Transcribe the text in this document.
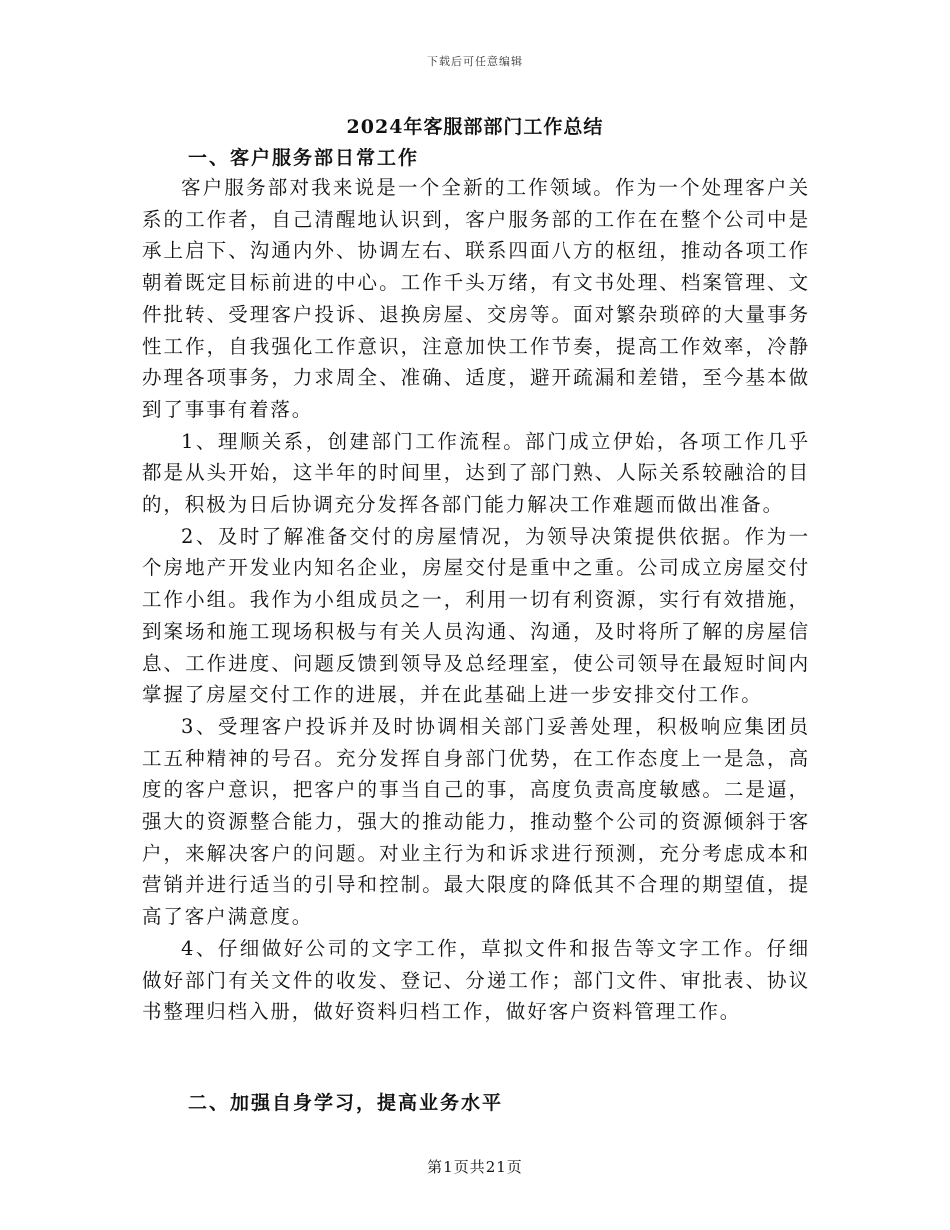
下载后可任意编辑
2024年客服部部门工作总结
一、客户服务部日常工作

客户服务部对我来说是一个全新的工作领域。作为一个处理客户关系的工作者，自己清醒地认识到，客户服务部的工作在在整个公司中是承上启下、沟通内外、协调左右、联系四面八方的枢纽，推动各项工作朝着既定目标前进的中心。工作千头万绪，有文书处理、档案管理、文件批转、受理客户投诉、退换房屋、交房等。面对繁杂琐碎的大量事务性工作，自我强化工作意识，注意加快工作节奏，提高工作效率，冷静办理各项事务，力求周全、准确、适度，避开疏漏和差错，至今基本做到了事事有着落。

1、理顺关系，创建部门工作流程。部门成立伊始，各项工作几乎都是从头开始，这半年的时间里，达到了部门熟、人际关系较融洽的目的，积极为日后协调充分发挥各部门能力解决工作难题而做出准备。

2、及时了解准备交付的房屋情况，为领导决策提供依据。作为一个房地产开发业内知名企业，房屋交付是重中之重。公司成立房屋交付工作小组。我作为小组成员之一，利用一切有利资源，实行有效措施，到案场和施工现场积极与有关人员沟通、沟通，及时将所了解的房屋信息、工作进度、问题反馈到领导及总经理室，使公司领导在最短时间内掌握了房屋交付工作的进展，并在此基础上进一步安排交付工作。

3、受理客户投诉并及时协调相关部门妥善处理，积极响应集团员工五种精神的号召。充分发挥自身部门优势，在工作态度上一是急，高度的客户意识，把客户的事当自己的事，高度负责高度敏感。二是逼，强大的资源整合能力，强大的推动能力，推动整个公司的资源倾斜于客户，来解决客户的问题。对业主行为和诉求进行预测，充分考虑成本和营销并进行适当的引导和控制。最大限度的降低其不合理的期望值，提高了客户满意度。

4、仔细做好公司的文字工作，草拟文件和报告等文字工作。仔细做好部门有关文件的收发、登记、分递工作；部门文件、审批表、协议书整理归档入册，做好资料归档工作，做好客户资料管理工作。

二、加强自身学习，提高业务水平
第1页共21页
